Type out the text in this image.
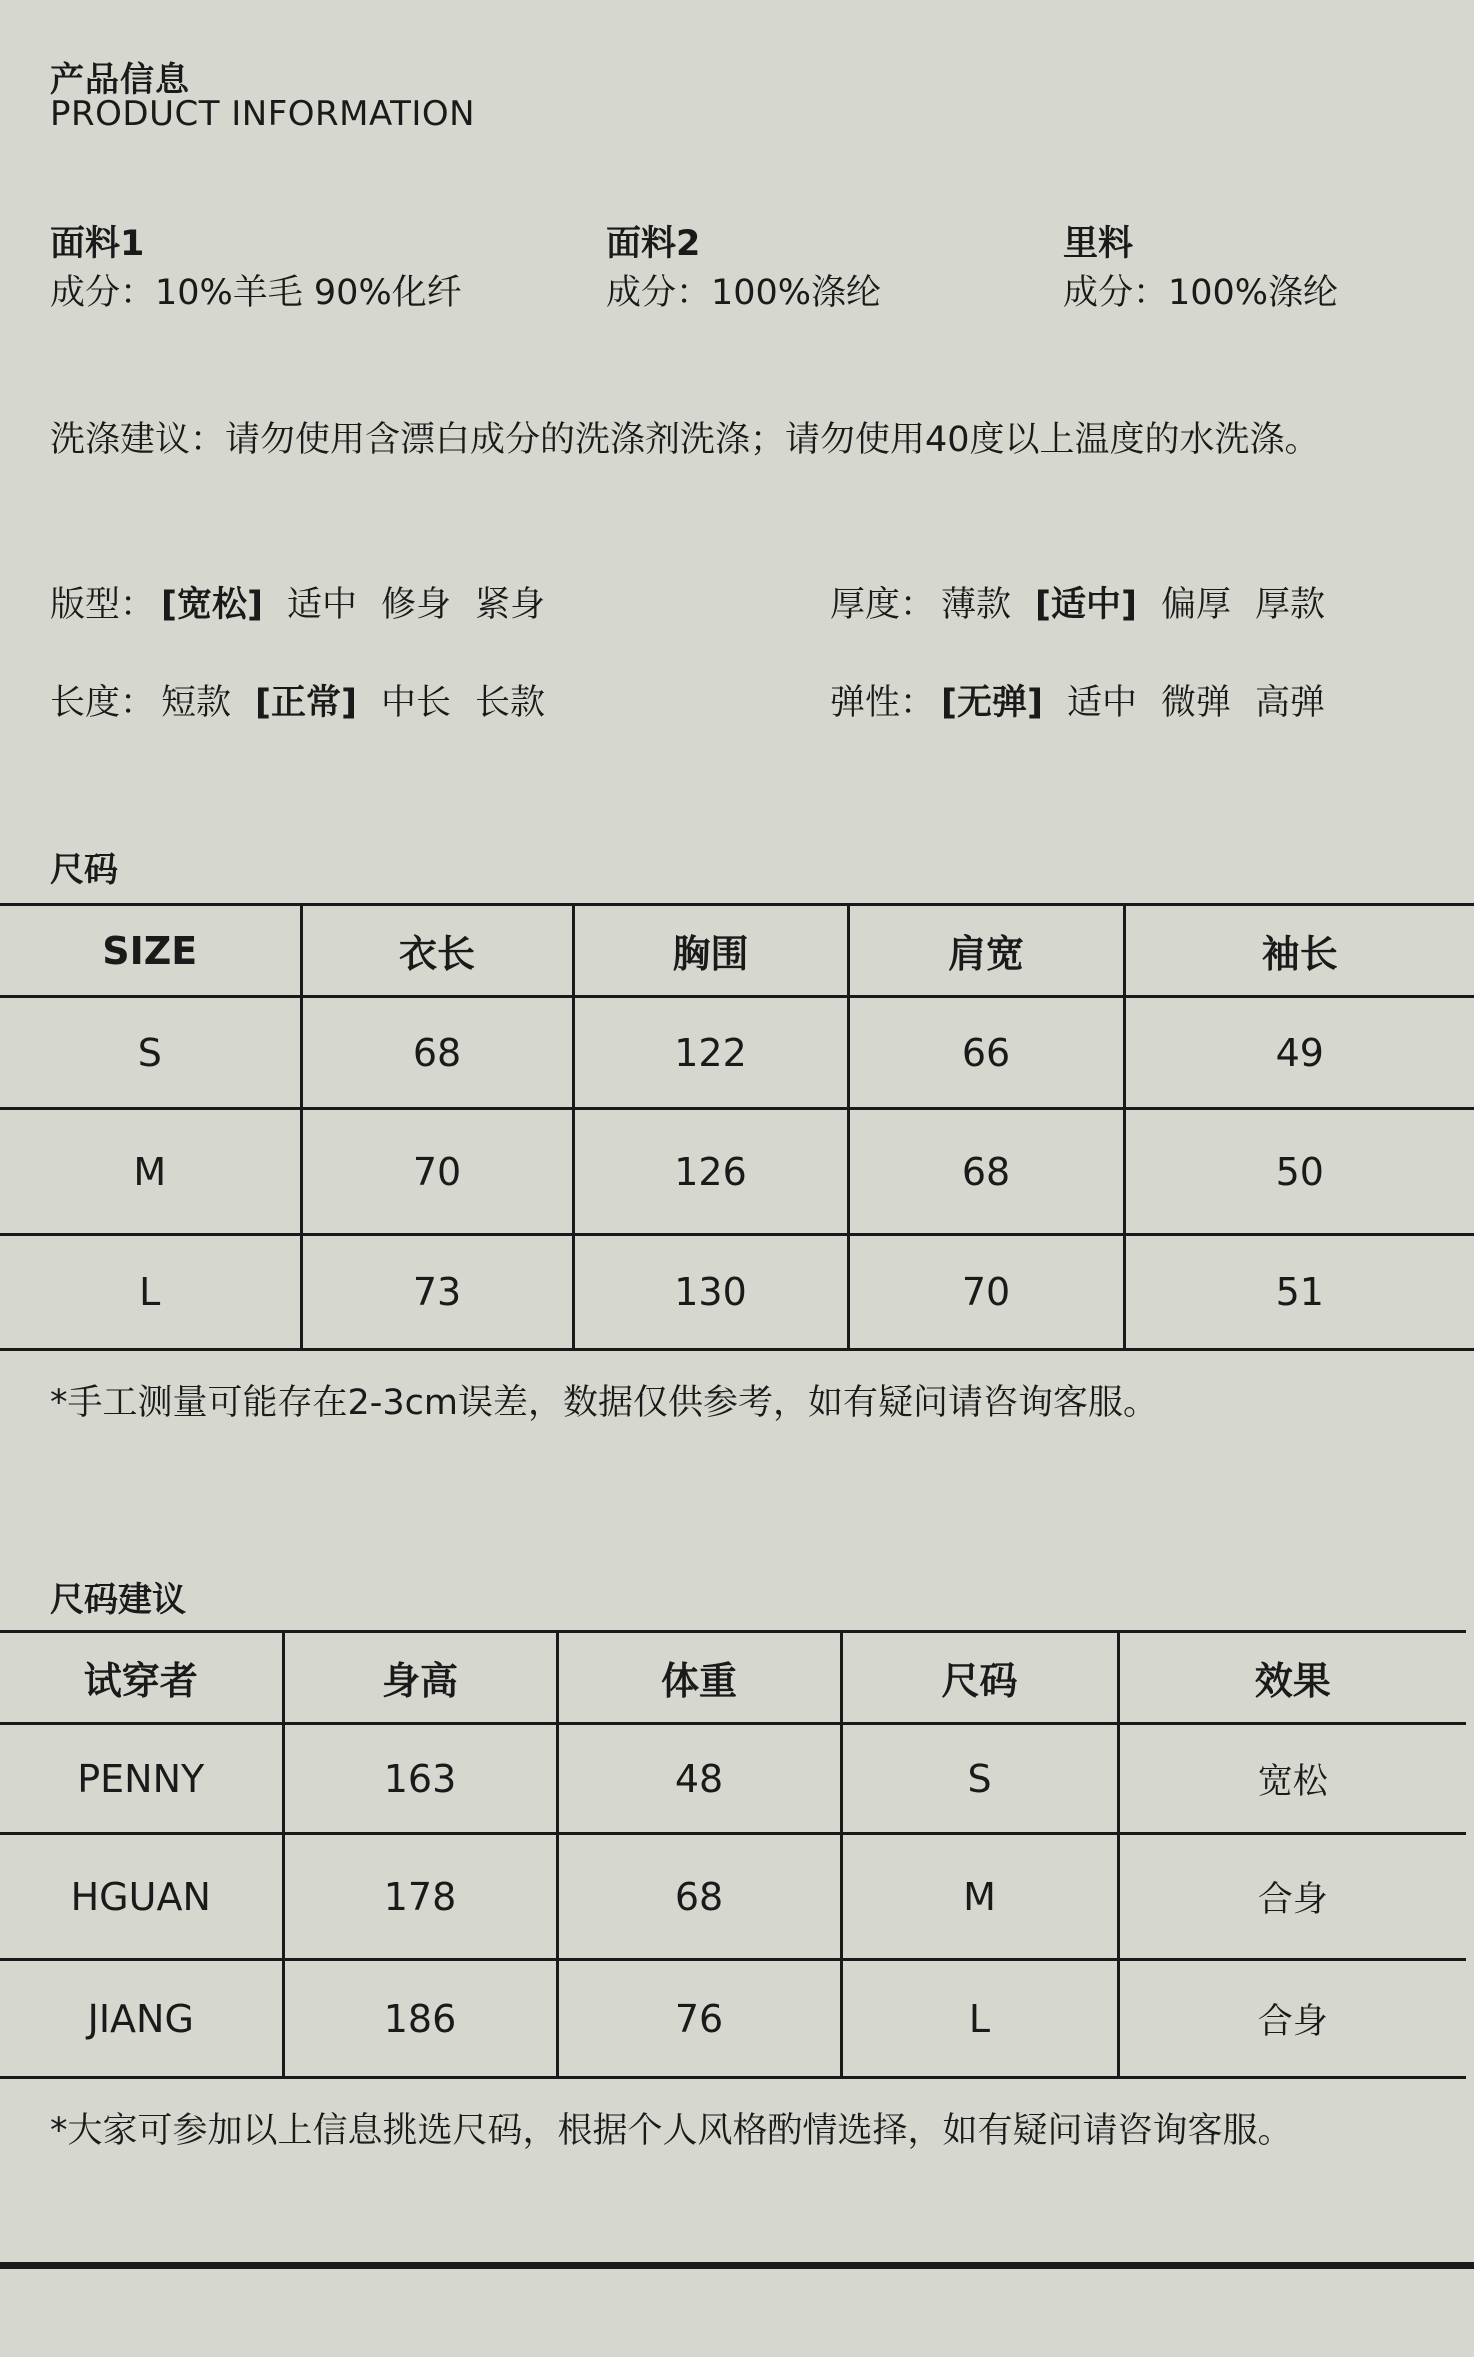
产品信息
PRODUCT INFORMATION
面料1
成分：10%羊毛 90%化纤
面料2
成分：100%涤纶
里料
成分：100%涤纶
洗涤建议：请勿使用含漂白成分的洗涤剂洗涤；请勿使用40度以上温度的水洗涤。
版型： [宽松] 适中 修身 紧身	厚度： 薄款 [适中] 偏厚 厚款
长度： 短款 [正常] 中长 长款	弹性： [无弹] 适中 微弹 高弹
尺码
SIZE	衣长	胸围	肩宽	袖长
S	68	122	66	49
M	70	126	68	50
L	73	130	70	51
*手工测量可能存在2-3cm误差，数据仅供参考，如有疑问请咨询客服。
尺码建议
试穿者	身高	体重	尺码	效果
PENNY	163	48	S	宽松
HGUAN	178	68	M	合身
JIANG	186	76	L	合身
*大家可参加以上信息挑选尺码，根据个人风格酌情选择，如有疑问请咨询客服。
